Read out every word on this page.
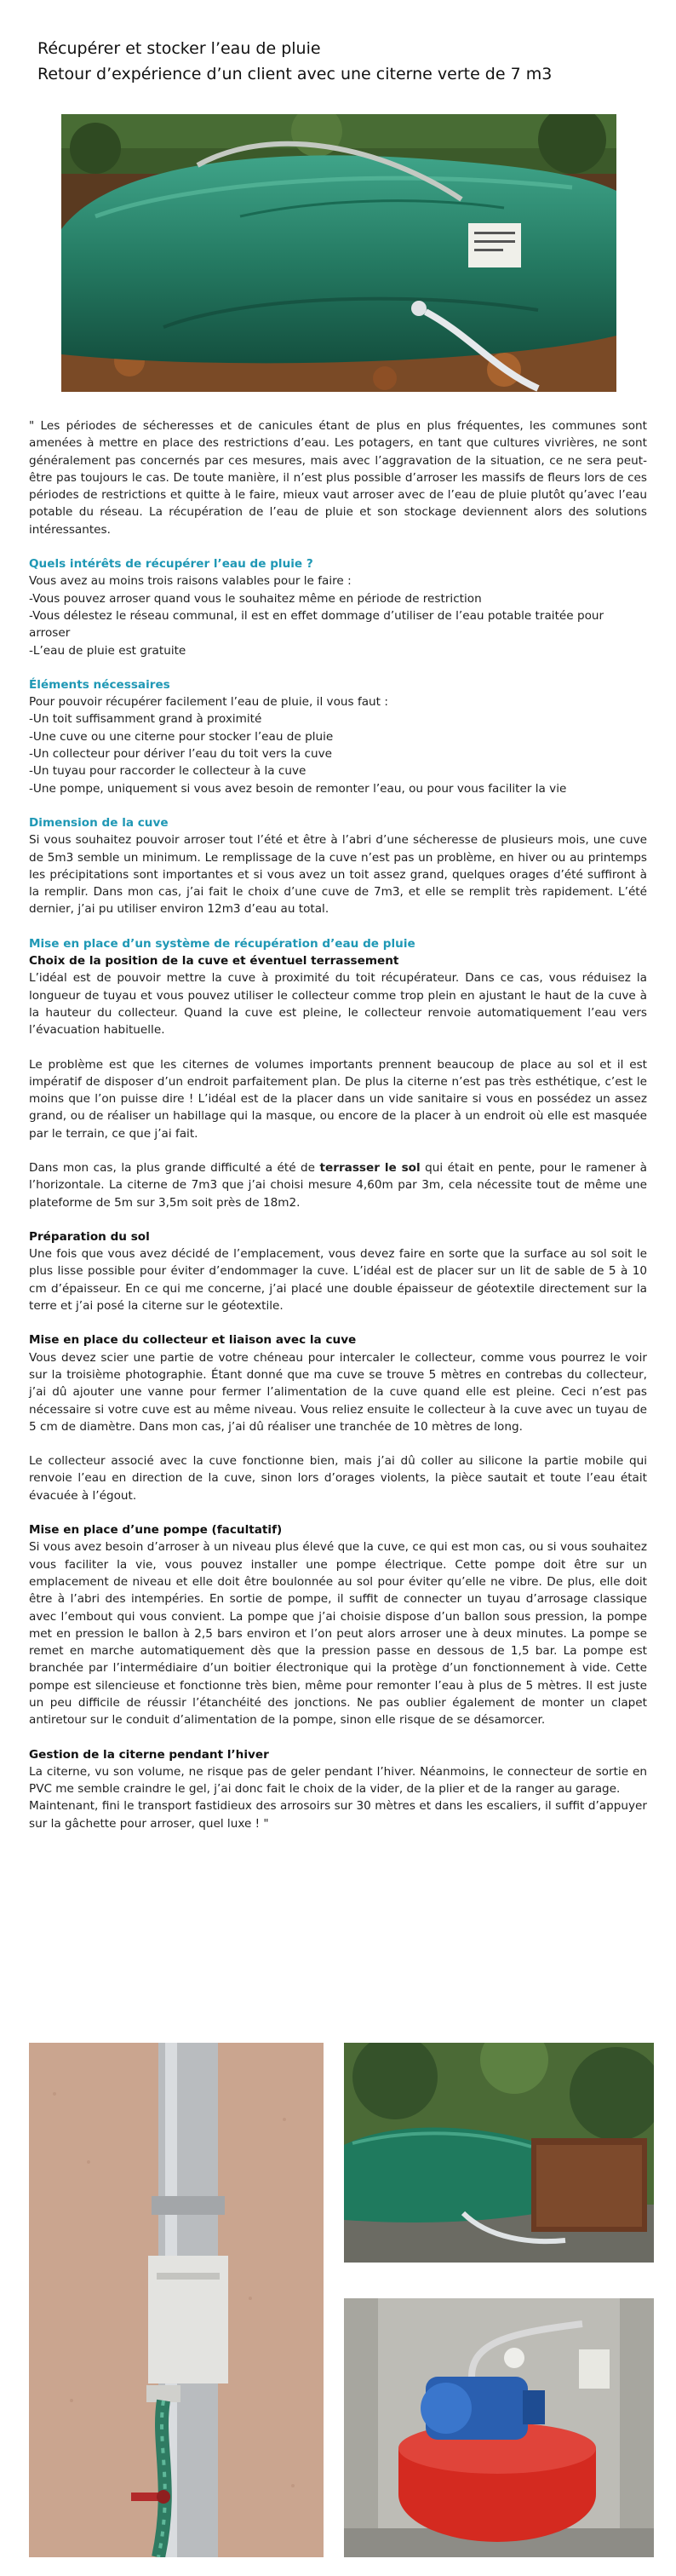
Récupérer et stocker l’eau de pluie
Retour d’expérience d’un client avec une citerne verte de 7 m3

" Les périodes de sécheresses et de canicules étant de plus en plus fréquentes, les communes sont amenées à mettre en place des restrictions d’eau. Les potagers, en tant que cultures vivrières, ne sont généralement pas concernés par ces mesures, mais avec l’aggravation de la situation, ce ne sera peut-être pas toujours le cas. De toute manière, il n’est plus possible d’arroser les massifs de fleurs lors de ces périodes de restrictions et quitte à le faire, mieux vaut arroser avec de l’eau de pluie plutôt qu’avec l’eau potable du réseau. La récupération de l’eau de pluie et son stockage deviennent alors des solutions intéressantes.

Quels intérêts de récupérer l’eau de pluie ?

Vous avez au moins trois raisons valables pour le faire :

-Vous pouvez arroser quand vous le souhaitez même en période de restriction

-Vous délestez le réseau communal, il est en effet dommage d’utiliser de l’eau potable traitée pour arroser

-L’eau de pluie est gratuite

Éléments nécessaires

Pour pouvoir récupérer facilement l’eau de pluie, il vous faut :

-Un toit suffisamment grand à proximité

-Une cuve ou une citerne pour stocker l’eau de pluie

-Un collecteur pour dériver l’eau du toit vers la cuve

-Un tuyau pour raccorder le collecteur à la cuve

-Une pompe, uniquement si vous avez besoin de remonter l’eau, ou pour vous faciliter la vie

Dimension de la cuve

Si vous souhaitez pouvoir arroser tout l’été et être à l’abri d’une sécheresse de plusieurs mois, une cuve de 5m3 semble un minimum. Le remplissage de la cuve n’est pas un problème, en hiver ou au printemps les précipitations sont importantes et si vous avez un toit assez grand, quelques orages d’été suffiront à la remplir. Dans mon cas, j’ai fait le choix d’une cuve de 7m3, et elle se remplit très rapidement. L’été dernier, j’ai pu utiliser environ 12m3 d’eau au total.

Mise en place d’un système de récupération d’eau de pluie

Choix de la position de la cuve et éventuel terrassement

L’idéal est de pouvoir mettre la cuve à proximité du toit récupérateur. Dans ce cas, vous réduisez la longueur de tuyau et vous pouvez utiliser le collecteur comme trop plein en ajustant le haut de la cuve à la hauteur du collecteur. Quand la cuve est pleine, le collecteur renvoie automatiquement l’eau vers l’évacuation habituelle.

Le problème est que les citernes de volumes importants prennent beaucoup de place au sol et il est impératif de disposer d’un endroit parfaitement plan. De plus la citerne n’est pas très esthétique, c’est le moins que l’on puisse dire ! L’idéal est de la placer dans un vide sanitaire si vous en possédez un assez grand, ou de réaliser un habillage qui la masque, ou encore de la placer à un endroit où elle est masquée par le terrain, ce que j’ai fait.

Dans mon cas, la plus grande difficulté a été de terrasser le sol qui était en pente, pour le ramener à l’horizontale. La citerne de 7m3 que j’ai choisi mesure 4,60m par 3m, cela nécessite tout de même une plateforme de 5m sur 3,5m soit près de 18m2.

Préparation du sol

Une fois que vous avez décidé de l’emplacement, vous devez faire en sorte que la surface au sol soit le plus lisse possible pour éviter d’endommager la cuve. L’idéal est de placer sur un lit de sable de 5 à 10 cm d’épaisseur. En ce qui me concerne, j’ai placé une double épaisseur de géotextile directement sur la terre et j’ai posé la citerne sur le géotextile.

Mise en place du collecteur et liaison avec la cuve

Vous devez scier une partie de votre chéneau pour intercaler le collecteur, comme vous pourrez le voir sur la troisième photographie. Étant donné que ma cuve se trouve 5 mètres en contrebas du collecteur, j’ai dû ajouter une vanne pour fermer l’alimentation de la cuve quand elle est pleine. Ceci n’est pas nécessaire si votre cuve est au même niveau. Vous reliez ensuite le collecteur à la cuve avec un tuyau de 5 cm de diamètre. Dans mon cas, j’ai dû réaliser une tranchée de 10 mètres de long.

Le collecteur associé avec la cuve fonctionne bien, mais j’ai dû coller au silicone la partie mobile qui renvoie l’eau en direction de la cuve, sinon lors d’orages violents, la pièce sautait et toute l’eau était évacuée à l’égout.

Mise en place d’une pompe (facultatif)

Si vous avez besoin d’arroser à un niveau plus élevé que la cuve, ce qui est mon cas, ou si vous souhaitez vous faciliter la vie, vous pouvez installer une pompe électrique. Cette pompe doit être sur un emplacement de niveau et elle doit être boulonnée au sol pour éviter qu’elle ne vibre. De plus, elle doit être à l’abri des intempéries. En sortie de pompe, il suffit de connecter un tuyau d’arrosage classique avec l’embout qui vous convient. La pompe que j’ai choisie dispose d’un ballon sous pression, la pompe met en pression le ballon à 2,5 bars environ et l’on peut alors arroser une à deux minutes. La pompe se remet en marche automatiquement dès que la pression passe en dessous de 1,5 bar. La pompe est branchée par l’intermédiaire d’un boitier électronique qui la protège d’un fonctionnement à vide. Cette pompe est silencieuse et fonctionne très bien, même pour remonter l’eau à plus de 5 mètres. Il est juste un peu difficile de réussir l’étanchéité des jonctions. Ne pas oublier également de monter un clapet antiretour sur le conduit d’alimentation de la pompe, sinon elle risque de se désamorcer.

Gestion de la citerne pendant l’hiver

La citerne, vu son volume, ne risque pas de geler pendant l’hiver. Néanmoins, le connecteur de sortie en PVC me semble craindre le gel, j’ai donc fait le choix de la vider, de la plier et de la ranger au garage.

Maintenant, fini le transport fastidieux des arrosoirs sur 30 mètres et dans les escaliers, il suffit d’appuyer sur la gâchette pour arroser, quel luxe ! "
